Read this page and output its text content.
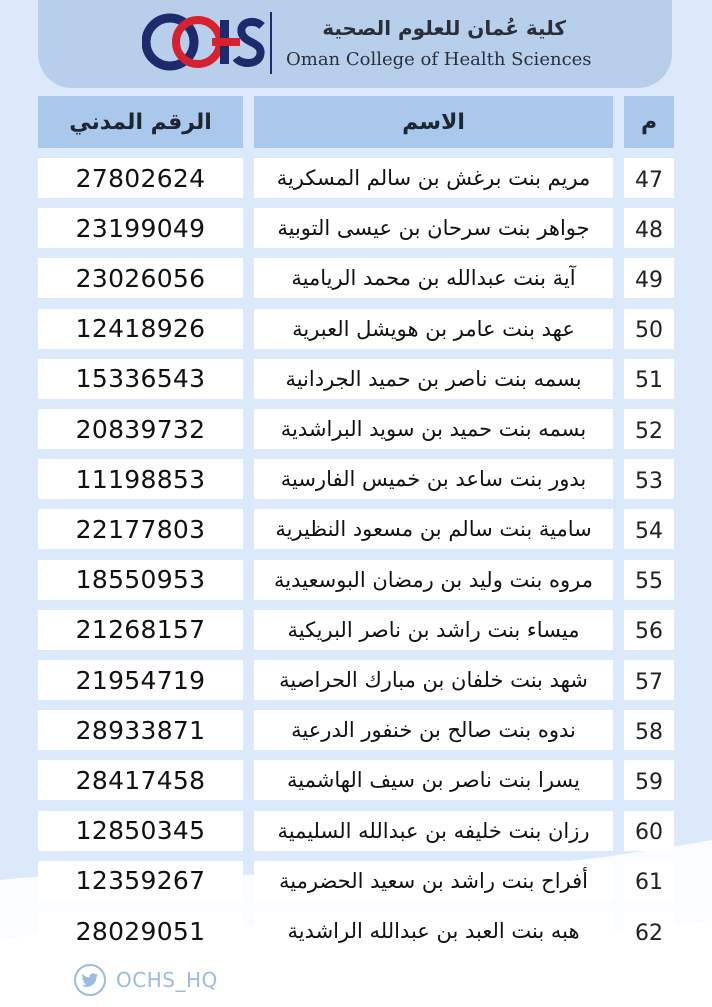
كلية عُمان للعلوم الصحية
Oman College of Health Sciences
الرقم المدني	الاسم	م
27802624	مريم بنت برغش بن سالم المسكرية	47
23199049	جواهر بنت سرحان بن عيسى التوبية	48
23026056	آية بنت عبدالله بن محمد الريامية	49
12418926	عهد بنت عامر بن هويشل العبرية	50
15336543	بسمه بنت ناصر بن حميد الجردانية	51
20839732	بسمه بنت حميد بن سويد البراشدية	52
11198853	بدور بنت ساعد بن خميس الفارسية	53
22177803	سامية بنت سالم بن مسعود النظيرية	54
18550953	مروه بنت وليد بن رمضان البوسعيدية	55
21268157	ميساء بنت راشد بن ناصر البريكية	56
21954719	شهد بنت خلفان بن مبارك الحراصية	57
28933871	ندوه بنت صالح بن خنفور الدرعية	58
28417458	يسرا بنت ناصر بن سيف الهاشمية	59
12850345	رزان بنت خليفه بن عبدالله السليمية	60
12359267	أفراح بنت راشد بن سعيد الحضرمية	61
28029051	هبه بنت العبد بن عبدالله الراشدية	62
OCHS_HQ
